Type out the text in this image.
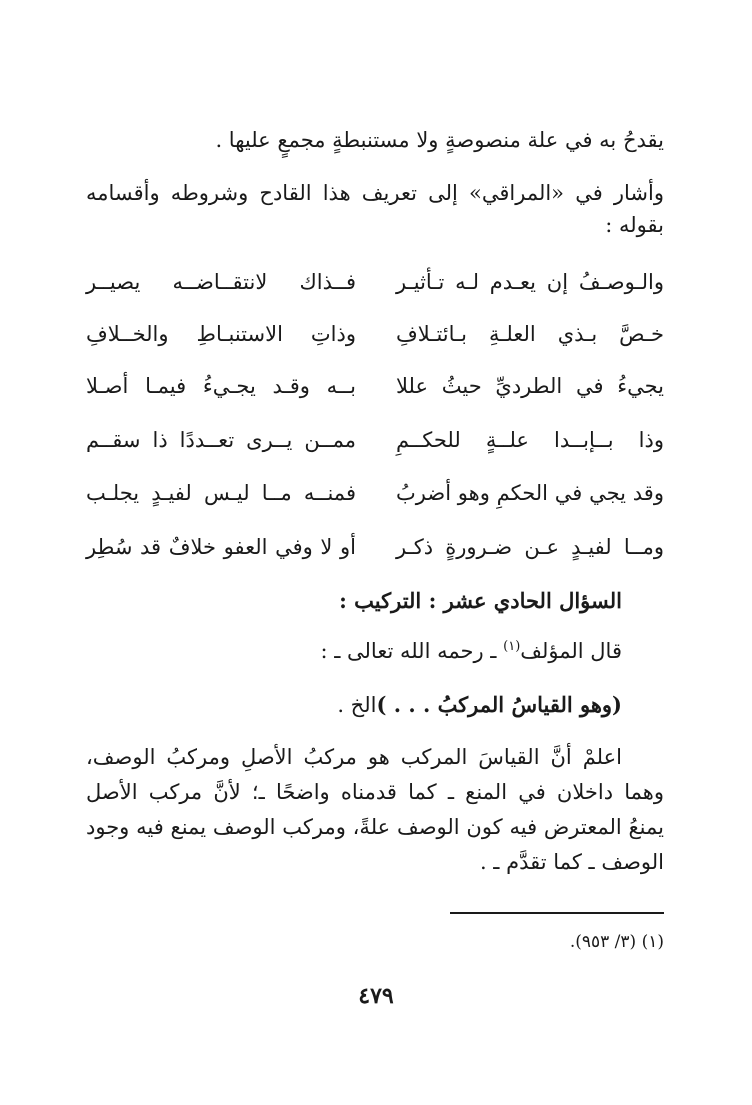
يقدحُ به في علة منصوصةٍ ولا مستنبطةٍ مجمعٍ عليها .
وأشار في «المراقي» إلى تعريف هذا القادح وشروطه وأقسامه
بقوله :
والـوصـفُ إن يعـدم لـه تـأثيـر
فــذاك لانتقــاضــه يصيــر
خـصَّ بـذي العلـةِ بـائتـلافِ
وذاتِ الاستنبـاطِ والخــلافِ
يجيءُ في الطرديِّ حيثُ عللا
بــه وقـد يجـيءُ فيمـا أصـلا
وذا بــإبــدا علــةٍ للحكــمِ
ممــن يــرى تعــددًا ذا سقــم
وقد يجي في الحكمِ وهو أضربُ
فمنــه مــا ليـس لفيـدٍ يجلـب
ومــا لفيـدٍ عـن ضـرورةٍ ذكـر
أو لا وفي العفو خلافٌ قد سُطِر
السؤال الحادي عشر : التركيب :
قال المؤلف$^{(١)}$ ـ رحمه الله تعالى ـ :
(وهو القياسُ المركبُ . . . )الخ .
اعلمْ أنَّ القياسَ المركب هو مركبُ الأصلِ ومركبُ الوصف،
وهما داخلان في المنع ـ كما قدمناه واضحًا ـ؛ لأنَّ مركب الأصل
يمنعُ المعترض فيه كون الوصف علةً، ومركب الوصف يمنع فيه وجود
الوصف ـ كما تقدَّم ـ .
(١) (٣/ ٩٥٣).
٤٧٩
